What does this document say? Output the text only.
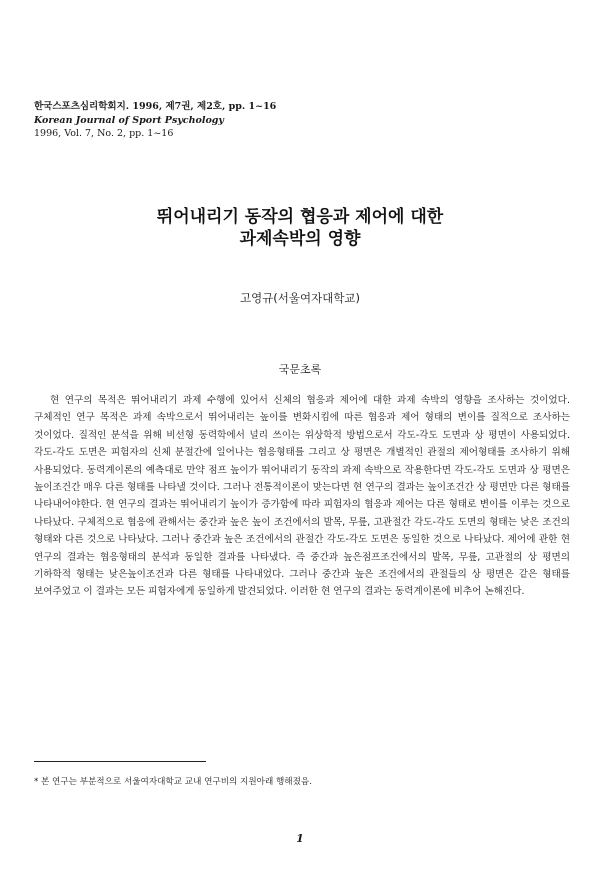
한국스포츠심리학회지. 1996, 제7권, 제2호, pp. 1~16
Korean Journal of Sport Psychology
1996, Vol. 7, No. 2, pp. 1~16
뛰어내리기 동작의 협응과 제어에 대한
과제속박의 영향
고영규(서울여자대학교)
국문초록
현 연구의 목적은 뛰어내리기 과제 수행에 있어서 신체의 협응과 제어에 대한 과제 속박의 영향을 조사하는 것이었다. 구체적인 연구 목적은 과제 속박으로서 뛰어내리는 높이를 변화시킴에 따른 협응과 제어 형태의 변이를 질적으로 조사하는 것이었다. 질적인 분석을 위해 비선형 동력학에서 널리 쓰이는 위상학적 방법으로서 각도-각도 도면과 상 평면이 사용되었다. 각도-각도 도면은 피험자의 신체 분절간에 일어나는 협응형태를 그리고 상 평면은 개별적인 관절의 제어형태를 조사하기 위해 사용되었다. 동력계이론의 예측대로 만약 점프 높이가 뛰어내리기 동작의 과제 속박으로 작용한다면 각도-각도 도면과 상 평면은 높이조건간 매우 다른 형태를 나타낼 것이다. 그러나 전통적이론이 맞는다면 현 연구의 결과는 높이조건간 상 평면만 다른 형태를 나타내어야한다. 현 연구의 결과는 뛰어내리기 높이가 증가함에 따라 피험자의 협응과 제어는 다른 형태로 변이를 이루는 것으로 나타났다. 구체적으로 협응에 관해서는 중간과 높은 높이 조건에서의 발목, 무릎, 고관절간 각도-각도 도면의 형태는 낮은 조건의 형태와 다른 것으로 나타났다. 그러나 중간과 높은 조건에서의 관절간 각도-각도 도면은 동일한 것으로 나타났다. 제어에 관한 현 연구의 결과는 협응형태의 분석과 동일한 결과를 나타냈다. 즉 중간과 높은점프조건에서의 발목, 무릎, 고관절의 상 평면의 기하학적 형태는 낮은높이조건과 다른 형태를 나타내었다. 그러나 중간과 높은 조건에서의 관절들의 상 평면은 같은 형태를 보여주었고 이 결과는 모든 피험자에게 동일하게 발견되었다. 이러한 현 연구의 결과는 동력계이론에 비추어 논해진다.
* 본 연구는 부분적으로 서울여자대학교 교내 연구비의 지원아래 행해졌음.
1
